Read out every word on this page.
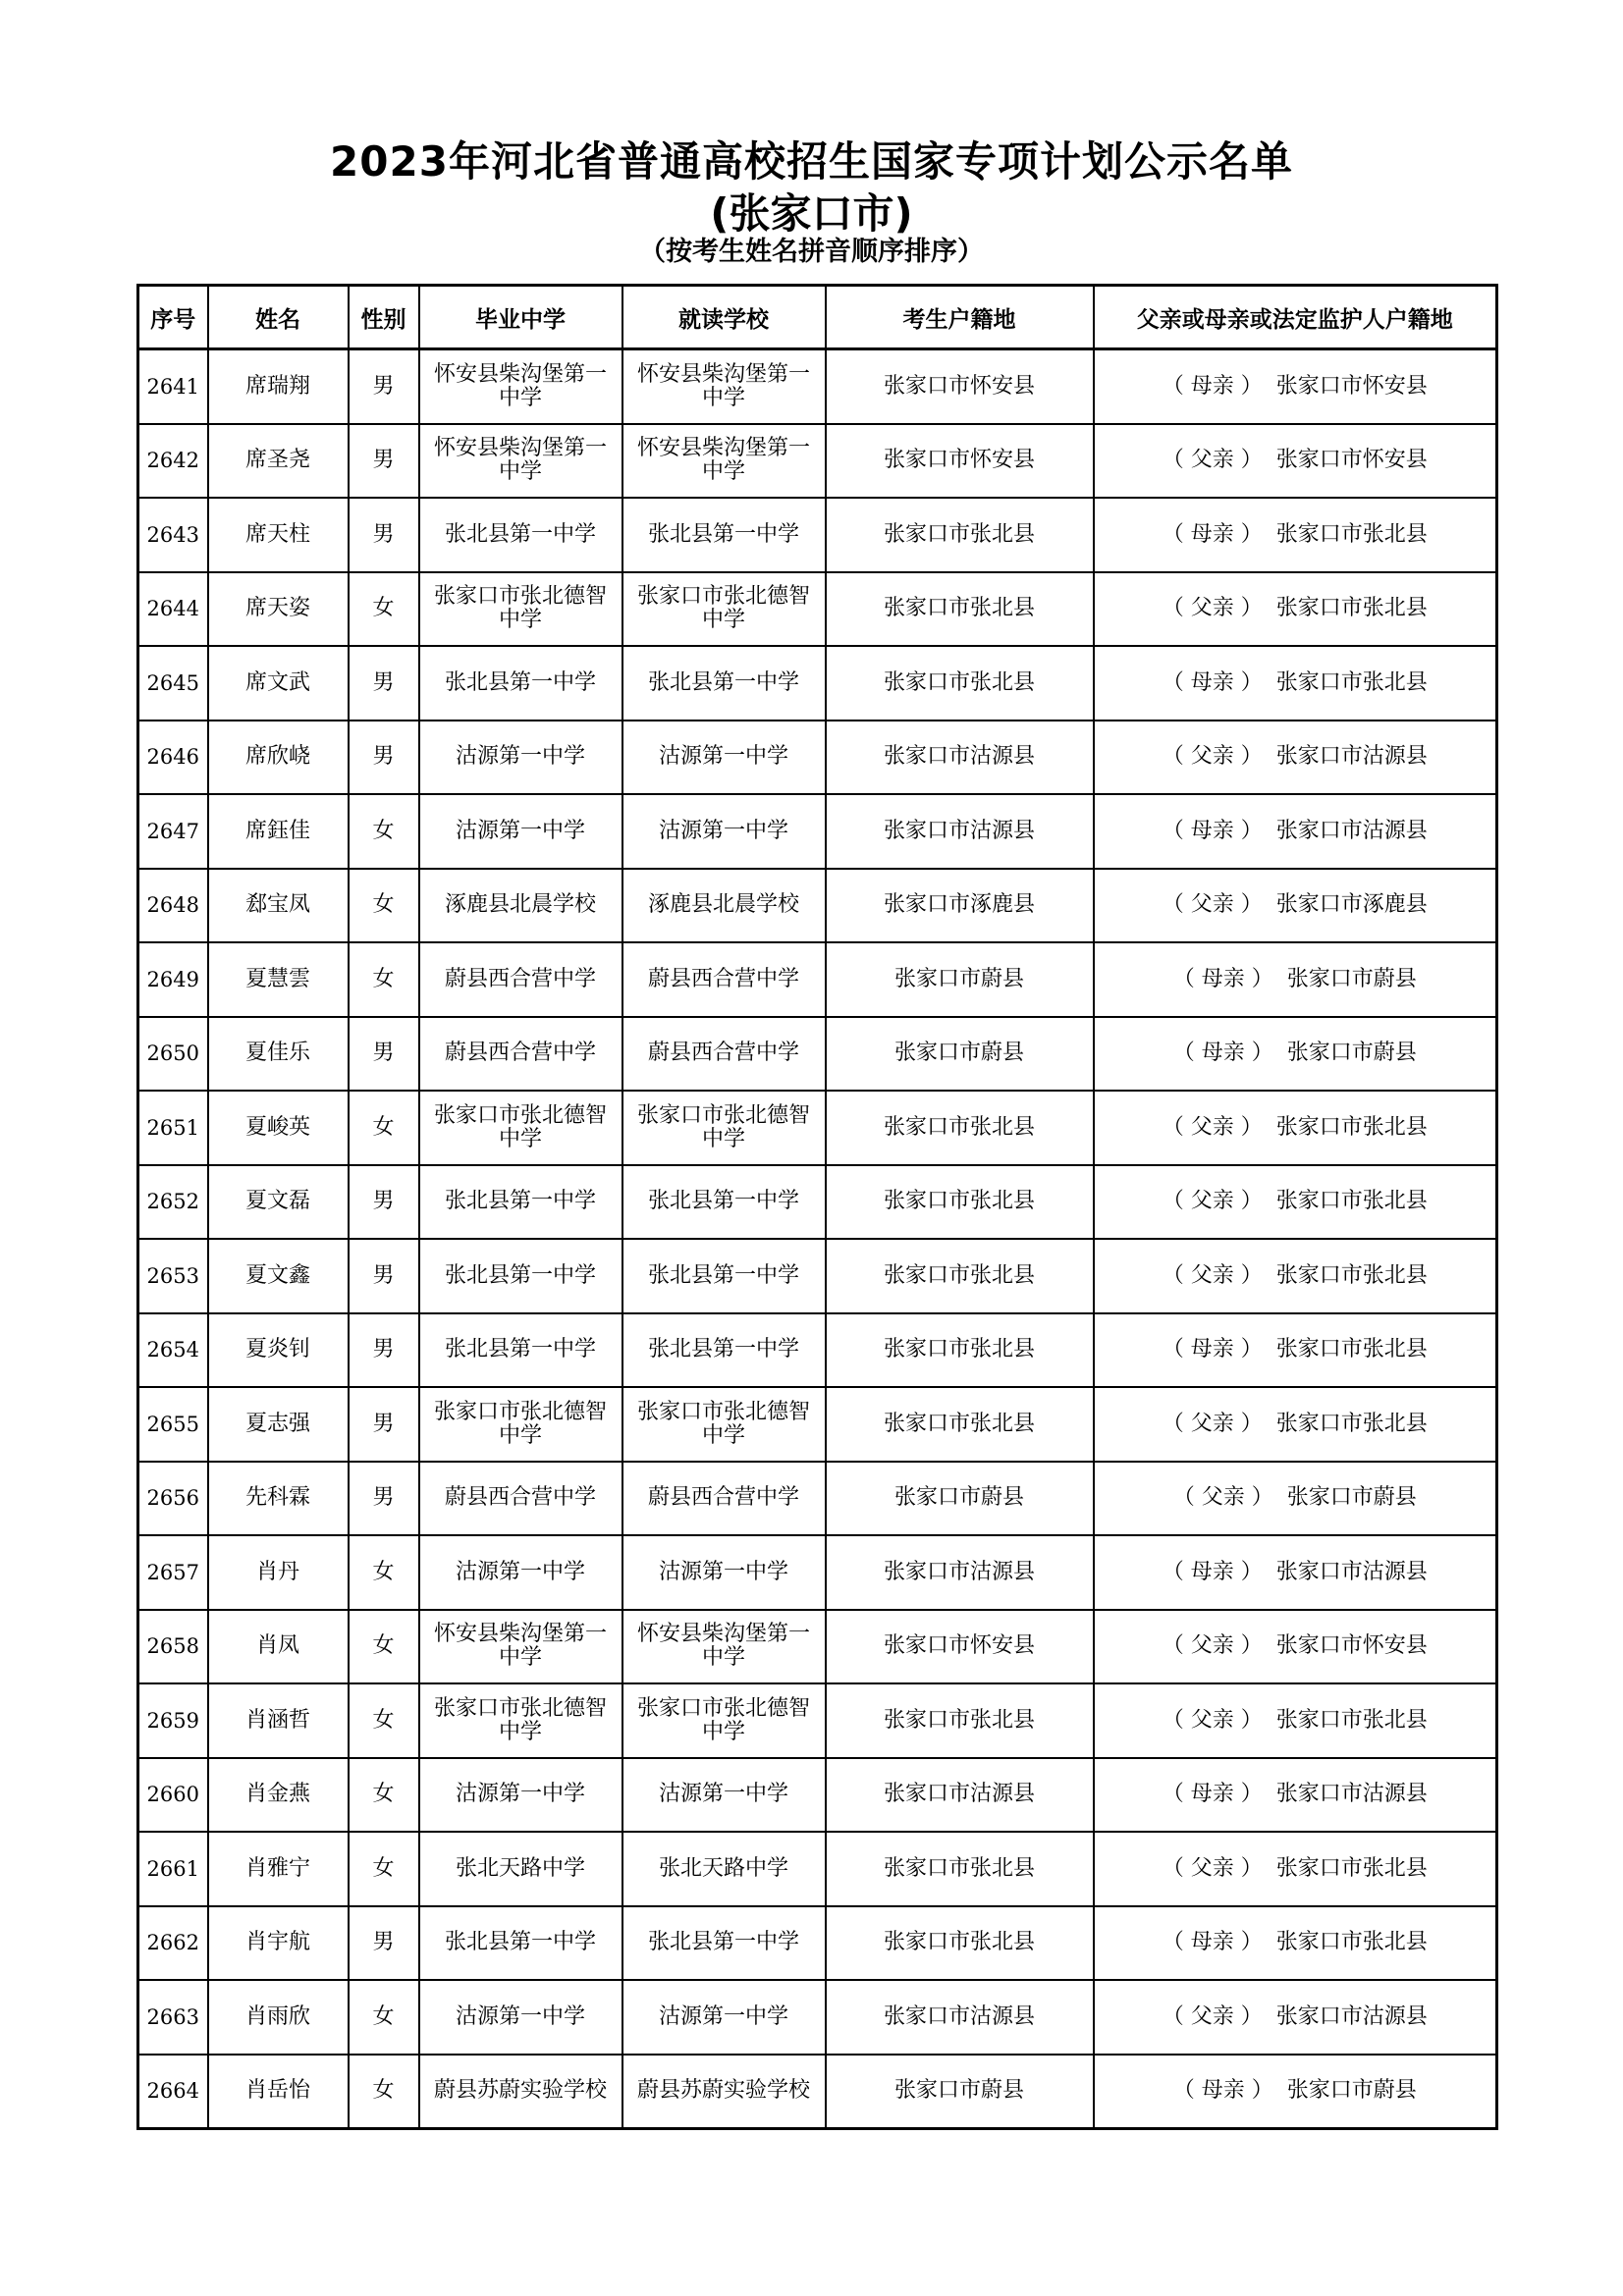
2023年河北省普通高校招生国家专项计划公示名单
(张家口市)
（按考生姓名拼音顺序排序）
序号	姓名	性别	毕业中学	就读学校	考生户籍地	父亲或母亲或法定监护人户籍地
2641	席瑞翔	男	怀安县柴沟堡第一中学	怀安县柴沟堡第一中学	张家口市怀安县	（ 母亲 ） 张家口市怀安县
2642	席圣尧	男	怀安县柴沟堡第一中学	怀安县柴沟堡第一中学	张家口市怀安县	（ 父亲 ） 张家口市怀安县
2643	席天柱	男	张北县第一中学	张北县第一中学	张家口市张北县	（ 母亲 ） 张家口市张北县
2644	席天姿	女	张家口市张北德智中学	张家口市张北德智中学	张家口市张北县	（ 父亲 ） 张家口市张北县
2645	席文武	男	张北县第一中学	张北县第一中学	张家口市张北县	（ 母亲 ） 张家口市张北县
2646	席欣峣	男	沽源第一中学	沽源第一中学	张家口市沽源县	（ 父亲 ） 张家口市沽源县
2647	席鈺佳	女	沽源第一中学	沽源第一中学	张家口市沽源县	（ 母亲 ） 张家口市沽源县
2648	郄宝凤	女	涿鹿县北晨学校	涿鹿县北晨学校	张家口市涿鹿县	（ 父亲 ） 张家口市涿鹿县
2649	夏慧雲	女	蔚县西合营中学	蔚县西合营中学	张家口市蔚县	（ 母亲 ） 张家口市蔚县
2650	夏佳乐	男	蔚县西合营中学	蔚县西合营中学	张家口市蔚县	（ 母亲 ） 张家口市蔚县
2651	夏峻英	女	张家口市张北德智中学	张家口市张北德智中学	张家口市张北县	（ 父亲 ） 张家口市张北县
2652	夏文磊	男	张北县第一中学	张北县第一中学	张家口市张北县	（ 父亲 ） 张家口市张北县
2653	夏文鑫	男	张北县第一中学	张北县第一中学	张家口市张北县	（ 父亲 ） 张家口市张北县
2654	夏炎钊	男	张北县第一中学	张北县第一中学	张家口市张北县	（ 母亲 ） 张家口市张北县
2655	夏志强	男	张家口市张北德智中学	张家口市张北德智中学	张家口市张北县	（ 父亲 ） 张家口市张北县
2656	先科霖	男	蔚县西合营中学	蔚县西合营中学	张家口市蔚县	（ 父亲 ） 张家口市蔚县
2657	肖丹	女	沽源第一中学	沽源第一中学	张家口市沽源县	（ 母亲 ） 张家口市沽源县
2658	肖凤	女	怀安县柴沟堡第一中学	怀安县柴沟堡第一中学	张家口市怀安县	（ 父亲 ） 张家口市怀安县
2659	肖涵哲	女	张家口市张北德智中学	张家口市张北德智中学	张家口市张北县	（ 父亲 ） 张家口市张北县
2660	肖金燕	女	沽源第一中学	沽源第一中学	张家口市沽源县	（ 母亲 ） 张家口市沽源县
2661	肖雅宁	女	张北天路中学	张北天路中学	张家口市张北县	（ 父亲 ） 张家口市张北县
2662	肖宇航	男	张北县第一中学	张北县第一中学	张家口市张北县	（ 母亲 ） 张家口市张北县
2663	肖雨欣	女	沽源第一中学	沽源第一中学	张家口市沽源县	（ 父亲 ） 张家口市沽源县
2664	肖岳怡	女	蔚县苏蔚实验学校	蔚县苏蔚实验学校	张家口市蔚县	（ 母亲 ） 张家口市蔚县
